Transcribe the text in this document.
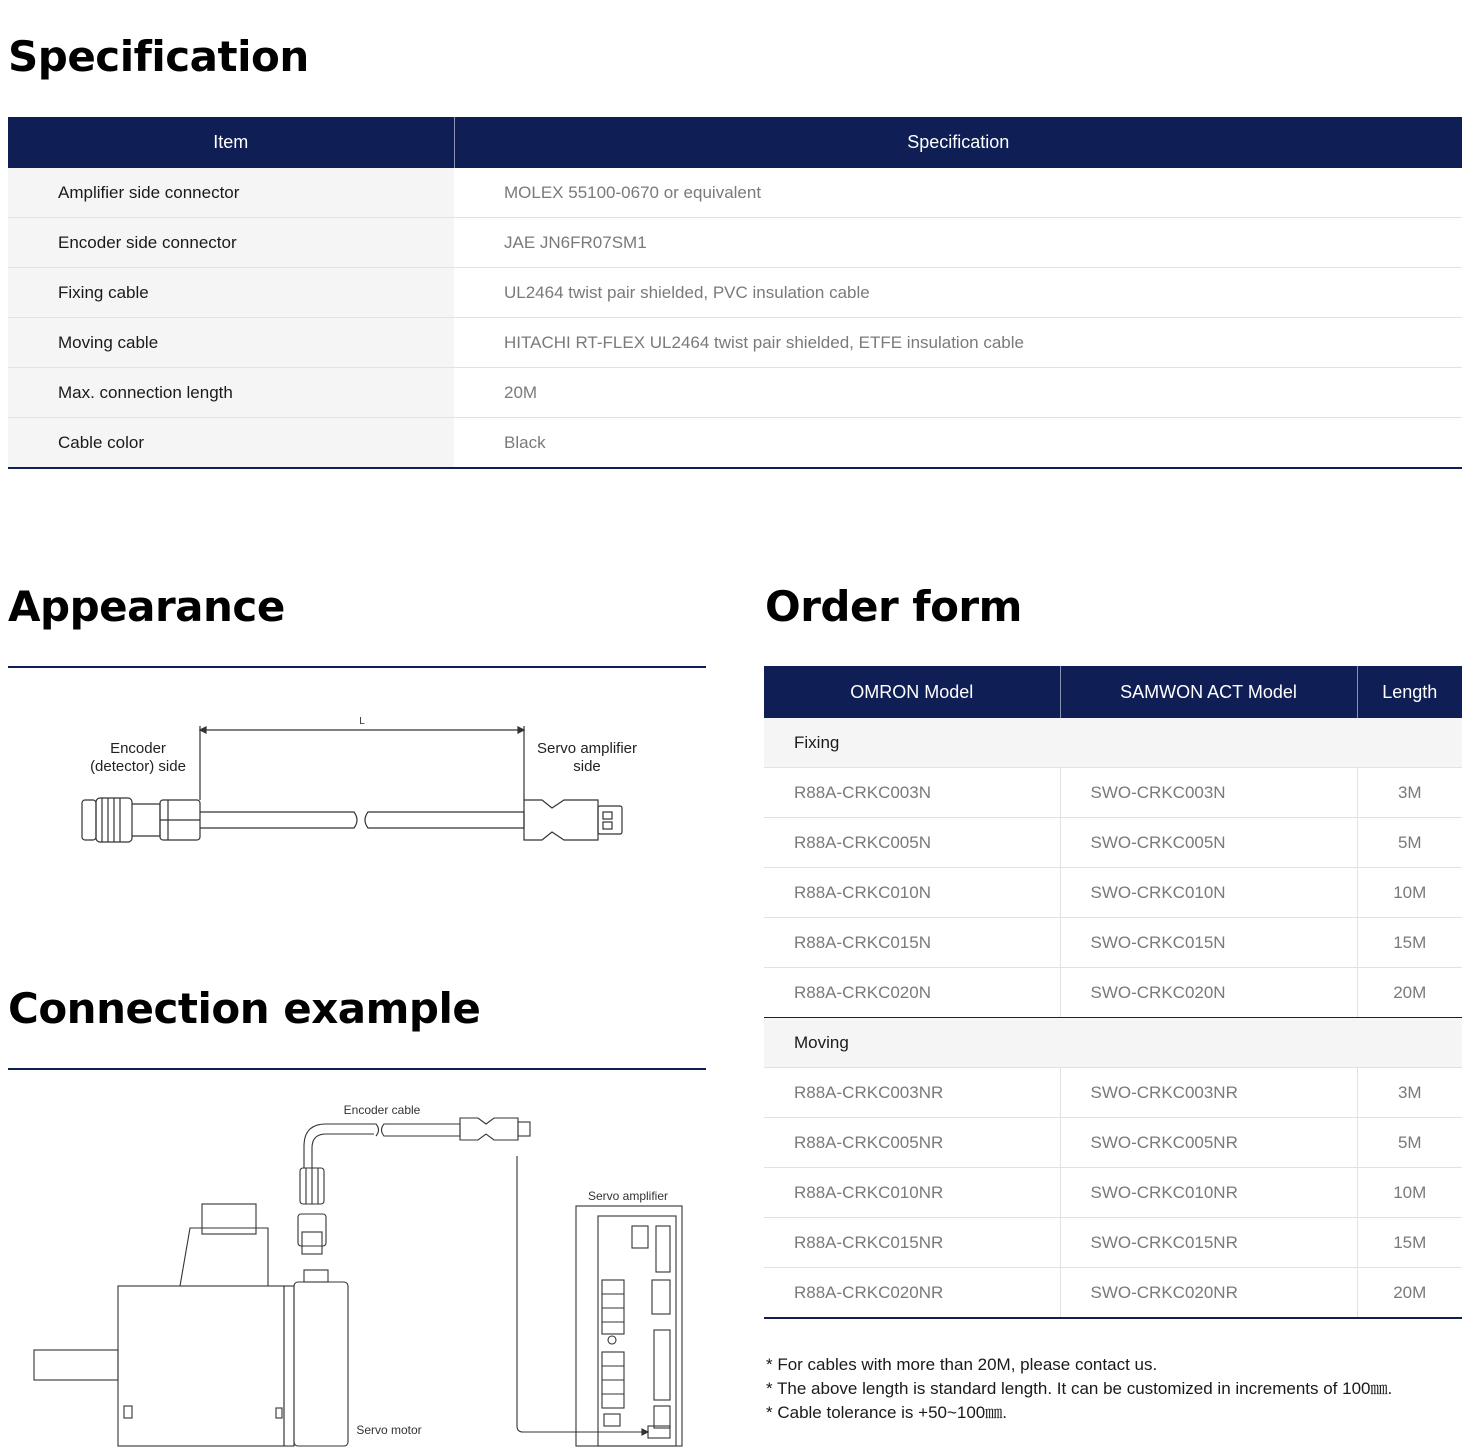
Specification
Item	Specification
Amplifier side connector	MOLEX 55100-0670 or equivalent
Encoder side connector	JAE JN6FR07SM1
Fixing cable	UL2464 twist pair shielded, PVC insulation cable
Moving cable	HITACHI RT-FLEX UL2464 twist pair shielded, ETFE insulation cable
Max. connection length	20M
Cable color	Black
Appearance
L
Encoder
(detector) side
Servo amplifier
side
Connection example
Encoder cable
Servo amplifier
Servo motor
Order form
OMRON Model	SAMWON ACT Model	Length
Fixing		
R88A-CRKC003N	SWO-CRKC003N	3M
R88A-CRKC005N	SWO-CRKC005N	5M
R88A-CRKC010N	SWO-CRKC010N	10M
R88A-CRKC015N	SWO-CRKC015N	15M
R88A-CRKC020N	SWO-CRKC020N	20M
Moving		
R88A-CRKC003NR	SWO-CRKC003NR	3M
R88A-CRKC005NR	SWO-CRKC005NR	5M
R88A-CRKC010NR	SWO-CRKC010NR	10M
R88A-CRKC015NR	SWO-CRKC015NR	15M
R88A-CRKC020NR	SWO-CRKC020NR	20M
* For cables with more than 20M, please contact us.
* The above length is standard length. It can be customized in increments of 100㎜.
* Cable tolerance is +50~100㎜.
